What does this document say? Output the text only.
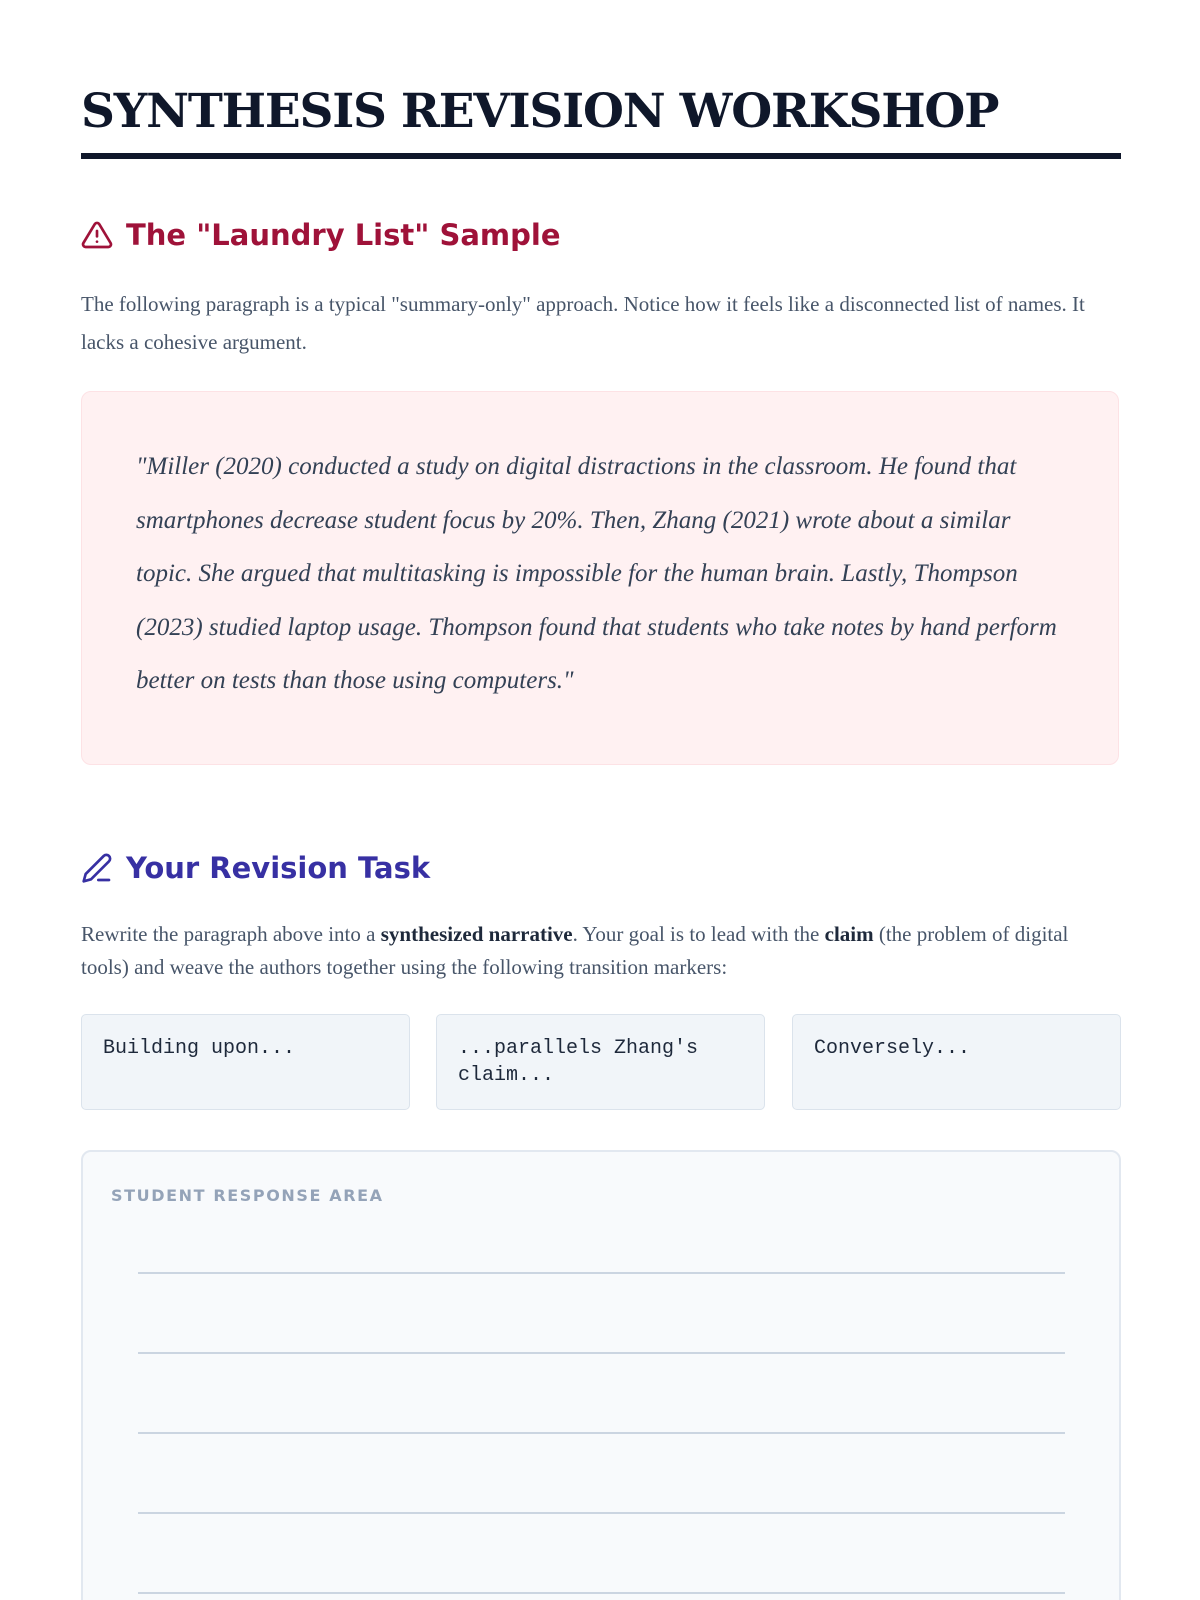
SYNTHESIS REVISION WORKSHOP
The "Laundry List" Sample

The following paragraph is a typical "summary-only" approach. Notice how it feels like a disconnected list of names. It lacks a cohesive argument.

"Miller (2020) conducted a study on digital distractions in the classroom. He found that smartphones decrease student focus by 20%. Then, Zhang (2021) wrote about a similar topic. She argued that multitasking is impossible for the human brain. Lastly, Thompson (2023) studied laptop usage. Thompson found that students who take notes by hand perform better on tests than those using computers."

Your Revision Task

Rewrite the paragraph above into a synthesized narrative. Your goal is to lead with the claim (the problem of digital tools) and weave the authors together using the following transition markers:

Building upon...	...parallels Zhang's claim...
Conversely...
STUDENT RESPONSE AREA
